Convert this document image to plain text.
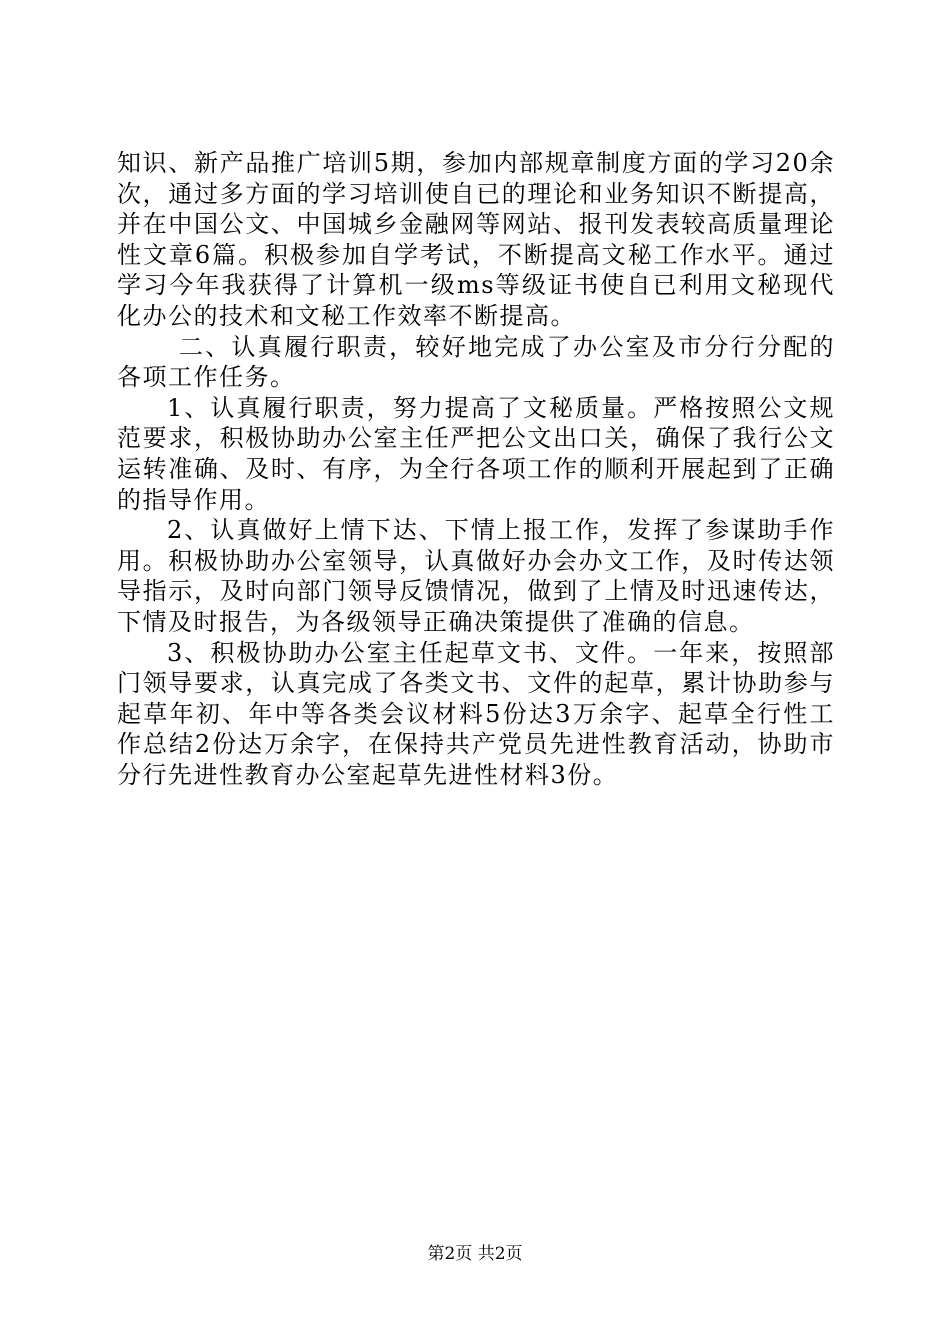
知识、新产品推广培训5期，参加内部规章制度方面的学习20余次，通过多方面的学习培训使自已的理论和业务知识不断提高，并在中国公文、中国城乡金融网等网站、报刊发表较高质量理论性文章6篇。积极参加自学考试，不断提高文秘工作水平。通过学习今年我获得了计算机一级ms等级证书使自已利用文秘现代化办公的技术和文秘工作效率不断提高。

二、认真履行职责，较好地完成了办公室及市分行分配的各项工作任务。

1、认真履行职责，努力提高了文秘质量。严格按照公文规范要求，积极协助办公室主任严把公文出口关，确保了我行公文运转准确、及时、有序，为全行各项工作的顺利开展起到了正确的指导作用。

2、认真做好上情下达、下情上报工作，发挥了参谋助手作用。积极协助办公室领导，认真做好办会办文工作，及时传达领导指示，及时向部门领导反馈情况，做到了上情及时迅速传达，下情及时报告，为各级领导正确决策提供了准确的信息。

3、积极协助办公室主任起草文书、文件。一年来，按照部门领导要求，认真完成了各类文书、文件的起草，累计协助参与起草年初、年中等各类会议材料5份达3万余字、起草全行性工作总结2份达万余字，在保持共产党员先进性教育活动，协助市分行先进性教育办公室起草先进性材料3份。

第2页 共2页
